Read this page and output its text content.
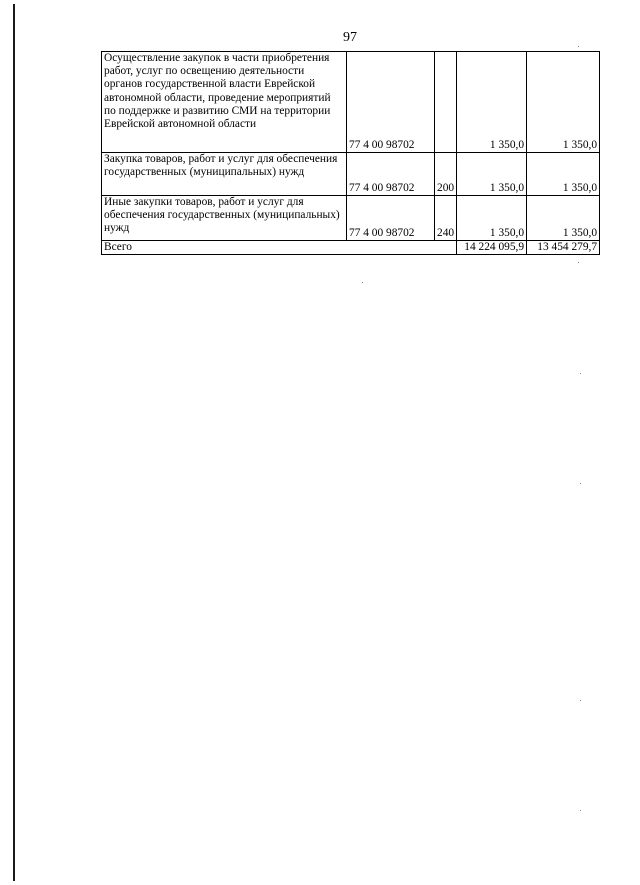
97
Осуществление закупок в части приобретения работ, услуг по освещению деятельности органов государственной власти Еврейской автономной области, проведение мероприятий по поддержке и развитию СМИ на территории Еврейской автономной области	77 4 00 98702		1 350,0	1 350,0
Закупка товаров, работ и услуг для обеспечения государственных (муниципальных) нужд	77 4 00 98702	200	1 350,0	1 350,0
Иные закупки товаров, работ и услуг для обеспечения государственных (муниципальных) нужд	77 4 00 98702	240	1 350,0	1 350,0
Всего			14 224 095,9	13 454 279,7
